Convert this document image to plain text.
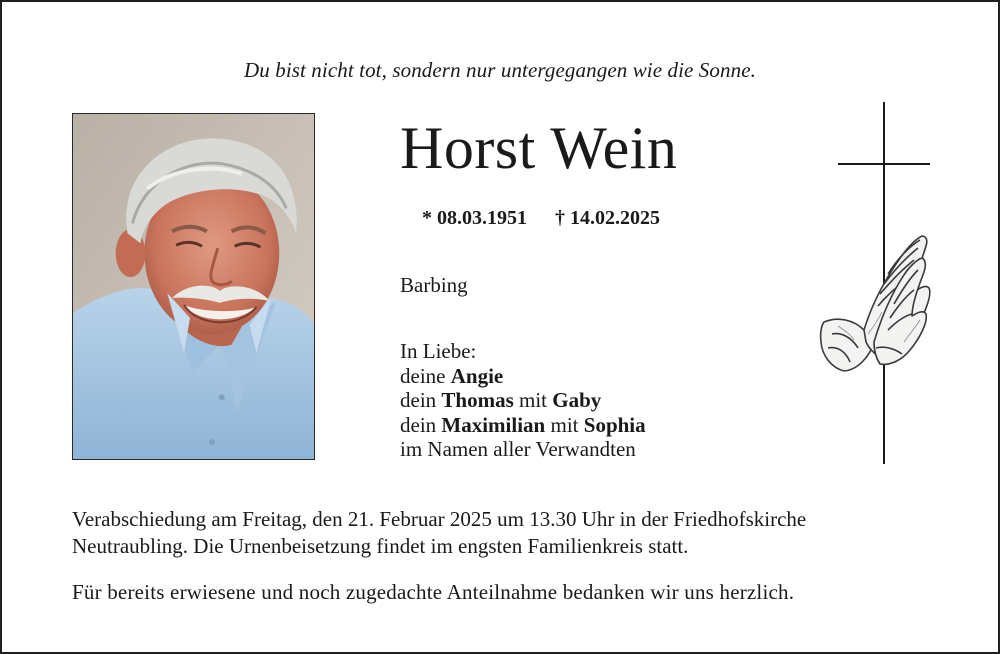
Du bist nicht tot, sondern nur untergegangen wie die Sonne.
Horst Wein
* 08.03.1951 † 14.02.2025
Barbing
In Liebe:
deine Angie
dein Thomas mit Gaby
dein Maximilian mit Sophia
im Namen aller Verwandten
Verabschiedung am Freitag, den 21. Februar 2025 um 13.30 Uhr in der Friedhofskirche
Neutraubling. Die Urnenbeisetzung findet im engsten Familienkreis statt.
Für bereits erwiesene und noch zugedachte Anteilnahme bedanken wir uns herzlich.
